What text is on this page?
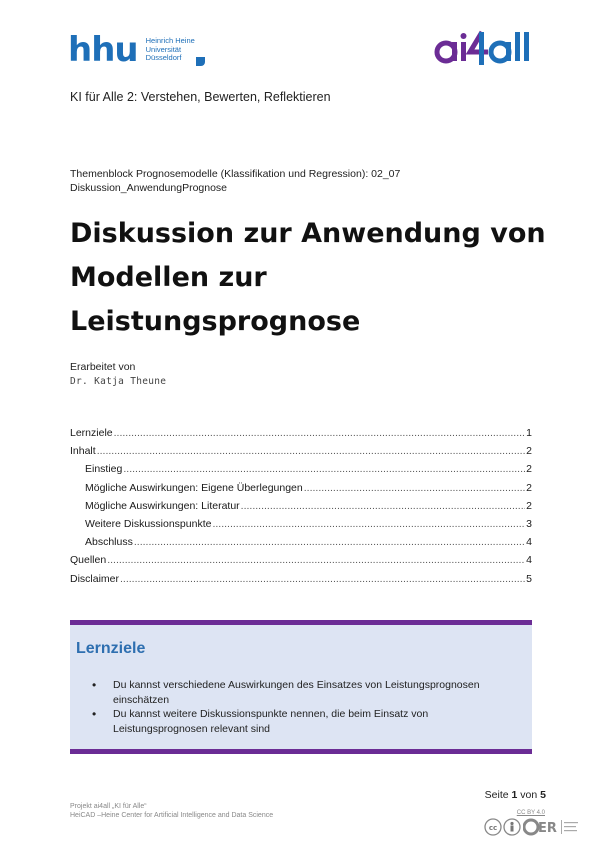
hhu Heinrich Heine
Universität
Düsseldorf
KI für Alle 2: Verstehen, Bewerten, Reflektieren
Themenblock Prognosemodelle (Klassifikation und Regression): 02_07
Diskussion_AnwendungPrognose
Diskussion zur Anwendung von
Modellen zur
Leistungsprognose
Erarbeitet von
Dr. Katja Theune
Lernziele .....	1
Inhalt .....	2
Einstieg .....	2
Mögliche Auswirkungen: Eigene Überlegungen .....	2
Mögliche Auswirkungen: Literatur .....	2
Weitere Diskussionspunkte .....	3
Abschluss .....	4
Quellen .....	4
Disclaimer .....	5
Lernziele
• Du kannst verschiedene Auswirkungen des Einsatzes von Leistungsprognosen einschätzen
• Du kannst weitere Diskussionspunkte nennen, die beim Einsatz von Leistungsprognosen relevant sind
Seite 1 von 5
Projekt ai4all „KI für Alle“
HeiCAD –Heine Center for Artificial Intelligence and Data Science	CC BY 4.0
cc	ER
